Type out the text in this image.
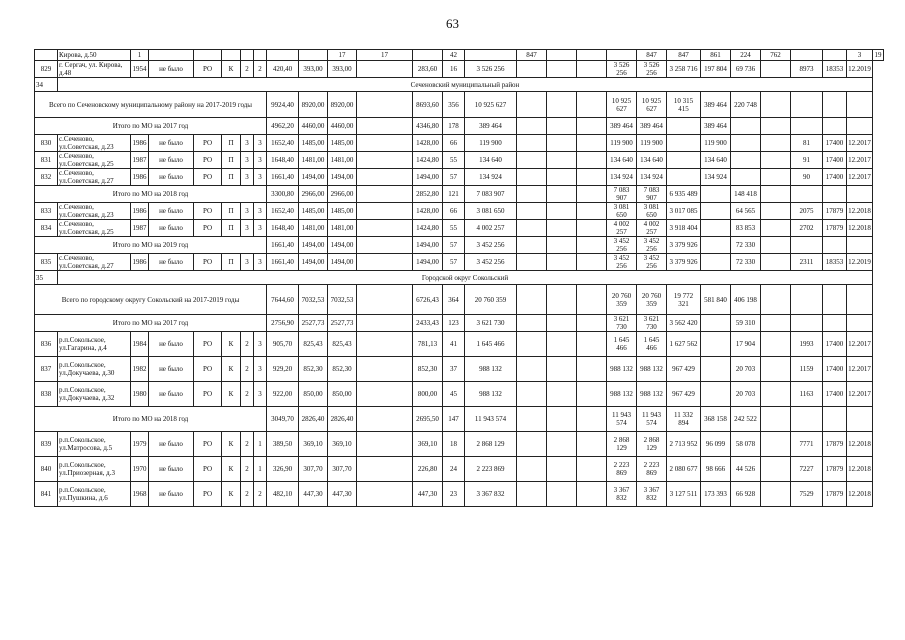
63
	Кирова, д.50	1								17	17		42		847				847	847	861	224	762			3	19
829	г. Сергач, ул. Кирова, д.48	1954	не было	РО	К	2	2	420,40	393,00	393,00		283,60	16	3 526 256				3 526 256	3 526 256	3 258 716	197 804	69 736		8973	18353	12.2019	
34	Сеченовский муниципальный район																										
Всего по Сеченовскому муниципальному району на 2017-2019 годы								9924,40	8920,00	8920,00		8693,60	356	10 925 627				10 925 627	10 925 627	10 315 415	389 464	220 748					
Итого по МО на 2017 год								4962,20	4460,00	4460,00		4346,80	178	389 464				389 464	389 464		389 464						
830	с.Сеченово, ул.Советская, д.23	1986	не было	РО	П	3	3	1652,40	1485,00	1485,00		1428,00	66	119 900				119 900	119 900		119 900			81	17400	12.2017	
831	с.Сеченово, ул.Советская, д.25	1987	не было	РО	П	3	3	1648,40	1481,00	1481,00		1424,80	55	134 640				134 640	134 640		134 640			91	17400	12.2017	
832	с.Сеченово, ул.Советская, д.27	1986	не было	РО	П	3	3	1661,40	1494,00	1494,00		1494,00	57	134 924				134 924	134 924		134 924			90	17400	12.2017	
Итого по МО на 2018 год								3300,80	2966,00	2966,00		2852,80	121	7 083 907				7 083 907	7 083 907	6 935 489		148 418					
833	с.Сеченово, ул.Советская, д.23	1986	не было	РО	П	3	3	1652,40	1485,00	1485,00		1428,00	66	3 081 650				3 081 650	3 081 650	3 017 085		64 565		2075	17879	12.2018	
834	с.Сеченово, ул.Советская, д.25	1987	не было	РО	П	3	3	1648,40	1481,00	1481,00		1424,80	55	4 002 257				4 002 257	4 002 257	3 918 404		83 853		2702	17879	12.2018	
Итого по МО на 2019 год								1661,40	1494,00	1494,00		1494,00	57	3 452 256				3 452 256	3 452 256	3 379 926		72 330					
835	с.Сеченово, ул.Советская, д.27	1986	не было	РО	П	3	3	1661,40	1494,00	1494,00		1494,00	57	3 452 256				3 452 256	3 452 256	3 379 926		72 330		2311	18353	12.2019	
35	Городской округ Сокольский																										
Всего по городскому округу Сокольский на 2017-2019 годы								7644,60	7032,53	7032,53		6726,43	364	20 760 359				20 760 359	20 760 359	19 772 321	581 840	406 198					
Итого по МО на 2017 год								2756,90	2527,73	2527,73		2433,43	123	3 621 730				3 621 730	3 621 730	3 562 420		59 310					
836	р.п.Сокольское, ул.Гагарина, д.4	1984	не было	РО	К	2	3	905,70	825,43	825,43		781,13	41	1 645 466				1 645 466	1 645 466	1 627 562		17 904		1993	17400	12.2017	
837	р.п.Сокольское, ул.Докучаева, д.30	1982	не было	РО	К	2	3	929,20	852,30	852,30		852,30	37	988 132				988 132	988 132	967 429		20 703		1159	17400	12.2017	
838	р.п.Сокольское, ул.Докучаева, д.32	1980	не было	РО	К	2	3	922,00	850,00	850,00		800,00	45	988 132				988 132	988 132	967 429		20 703		1163	17400	12.2017	
Итого по МО на 2018 год								3049,70	2826,40	2826,40		2695,50	147	11 943 574				11 943 574	11 943 574	11 332 894	368 158	242 522					
839	р.п.Сокольское, ул.Матросова, д.5	1979	не было	РО	К	2	1	389,50	369,10	369,10		369,10	18	2 868 129				2 868 129	2 868 129	2 713 952	96 099	58 078		7771	17879	12.2018	
840	р.п.Сокольское, ул.Приозерная, д.3	1970	не было	РО	К	2	1	326,90	307,70	307,70		226,80	24	2 223 869				2 223 869	2 223 869	2 080 677	98 666	44 526		7227	17879	12.2018	
841	р.п.Сокольское, ул.Пушкина, д.6	1968	не было	РО	К	2	2	482,10	447,30	447,30		447,30	23	3 367 832				3 367 832	3 367 832	3 127 511	173 393	66 928		7529	17879	12.2018	
